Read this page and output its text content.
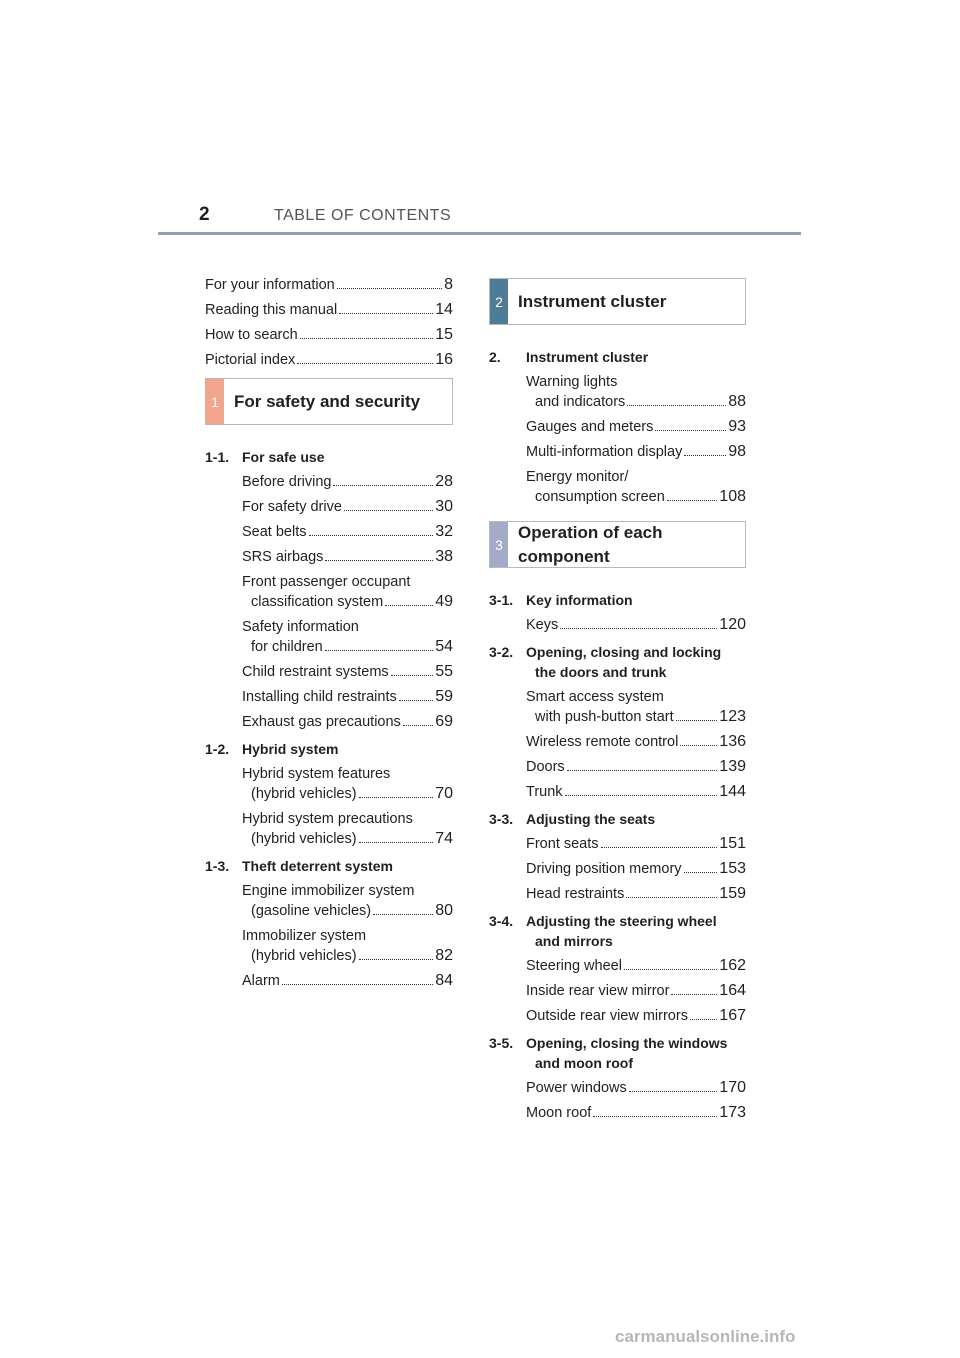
2	TABLE OF CONTENTS
For your information	8
Reading this manual	14
How to search	15
Pictorial index	16
1 For safety and security
1-1. For safe use
Before driving	28
For safety drive	30
Seat belts	32
SRS airbags	38
Front passenger occupant
classification system	49
Safety information
for children	54
Child restraint systems	55
Installing child restraints 59
Exhaust gas precautions 69
1-2. Hybrid system
Hybrid system features
(hybrid vehicles)	70
Hybrid system precautions
(hybrid vehicles)	74
1-3. Theft deterrent system
Engine immobilizer system
(gasoline vehicles)	80
Immobilizer system
(hybrid vehicles)	82
Alarm	84
2 Instrument cluster
2.	Instrument cluster
Warning lights
and indicators	88
Gauges and meters	93
Multi-information display	98
Energy monitor/
consumption screen	108
3
Operation of each
component
3-1. Key information
Keys	120
3-2. Opening, closing and locking
the doors and trunk
Smart access system
with push-button start	123
Wireless remote control	136
Doors	139
Trunk	144
3-3. Adjusting the seats
Front seats	151
Driving position memory 153
Head restraints	159
3-4. Adjusting the steering wheel
and mirrors
Steering wheel	162
Inside rear view mirror	164
Outside rear view mirrors 167
3-5. Opening, closing the windows
and moon roof
Power windows	170
Moon roof	173
carmanualsonline.info
